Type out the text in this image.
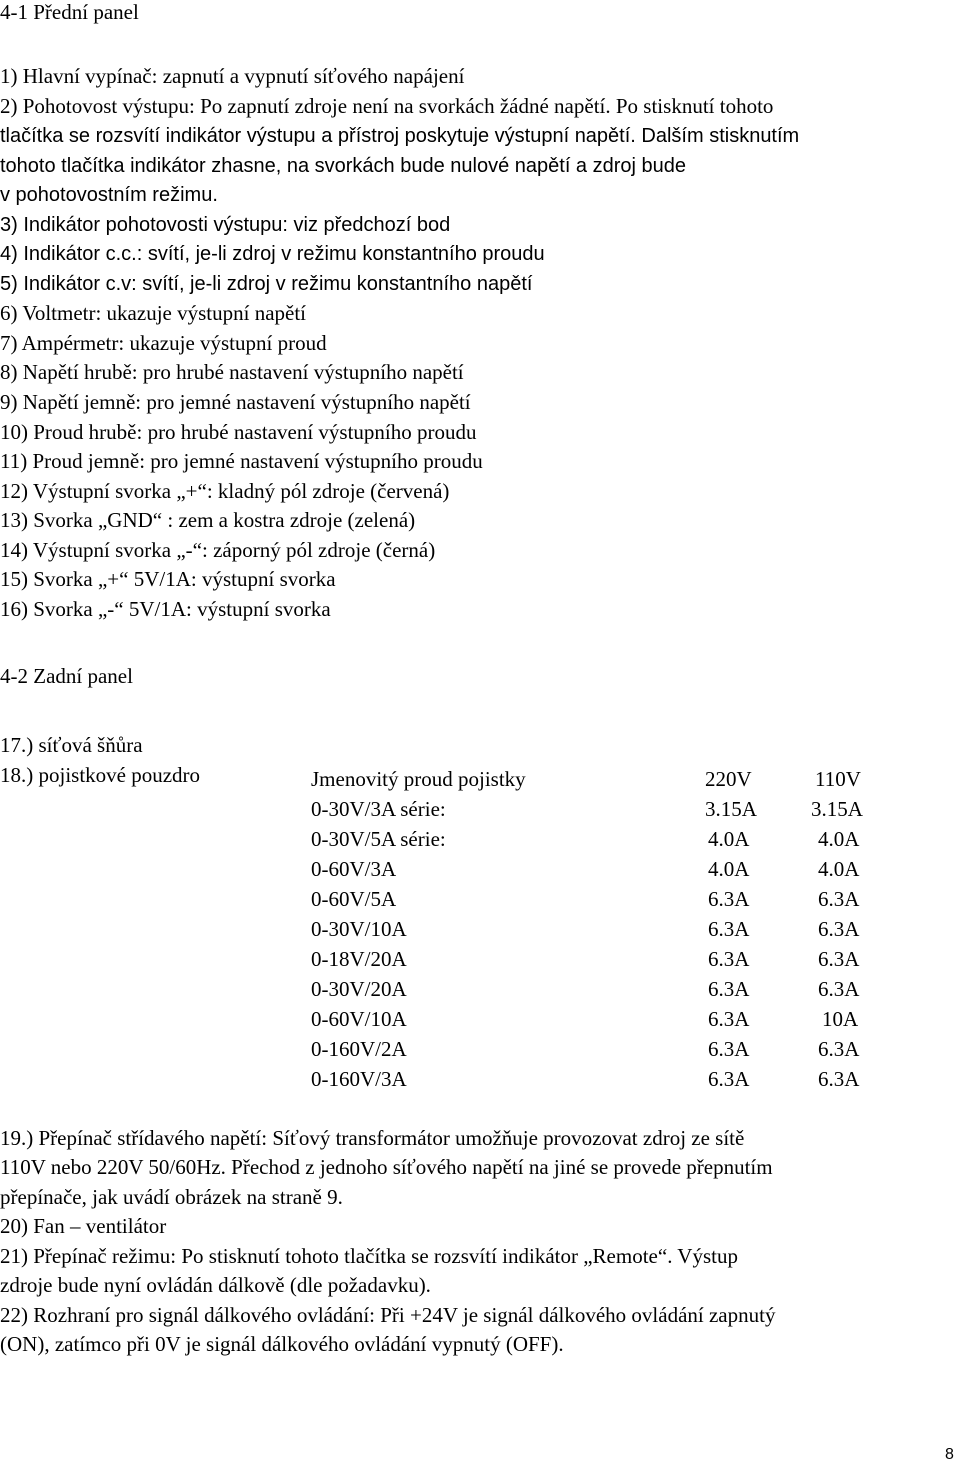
4-1 Přední panel
1) Hlavní vypínač: zapnutí a vypnutí síťového napájení
2) Pohotovost výstupu: Po zapnutí zdroje není na svorkách žádné napětí. Po stisknutí tohoto
tlačítka se rozsvítí indikátor výstupu a přístroj poskytuje výstupní napětí. Dalším stisknutím
tohoto tlačítka indikátor zhasne, na svorkách bude nulové napětí a zdroj bude
v pohotovostním režimu.
3) Indikátor pohotovosti výstupu: viz předchozí bod
4) Indikátor c.c.: svítí, je-li zdroj v režimu konstantního proudu
5) Indikátor c.v: svítí, je-li zdroj v režimu konstantního napětí
6) Voltmetr: ukazuje výstupní napětí
7) Ampérmetr: ukazuje výstupní proud
8) Napětí hrubě: pro hrubé nastavení výstupního napětí
9) Napětí jemně: pro jemné nastavení výstupního napětí
10) Proud hrubě: pro hrubé nastavení výstupního proudu
11) Proud jemně: pro jemné nastavení výstupního proudu
12) Výstupní svorka „+“: kladný pól zdroje (červená)
13) Svorka „GND“ : zem a kostra zdroje (zelená)
14) Výstupní svorka „-“: záporný pól zdroje (černá)
15) Svorka „+“ 5V/1A: výstupní svorka
16) Svorka „-“ 5V/1A: výstupní svorka
4-2 Zadní panel
17.) síťová šňůra
18.) pojistkové pouzdro	Jmenovitý proud pojistky	220V	110V
0-30V/3A série:	3.15A	3.15A
0-30V/5A série:	4.0A	4.0A
0-60V/3A	4.0A	4.0A
0-60V/5A	6.3A	6.3A
0-30V/10A	6.3A	6.3A
0-18V/20A	6.3A	6.3A
0-30V/20A	6.3A	6.3A
0-60V/10A	6.3A	10A
0-160V/2A	6.3A	6.3A
0-160V/3A	6.3A	6.3A
19.) Přepínač střídavého napětí: Síťový transformátor umožňuje provozovat zdroj ze sítě
110V nebo 220V 50/60Hz. Přechod z jednoho síťového napětí na jiné se provede přepnutím
přepínače, jak uvádí obrázek na straně 9.
20) Fan – ventilátor
21) Přepínač režimu: Po stisknutí tohoto tlačítka se rozsvítí indikátor „Remote“. Výstup
zdroje bude nyní ovládán dálkově (dle požadavku).
22) Rozhraní pro signál dálkového ovládání: Při +24V je signál dálkového ovládání zapnutý
(ON), zatímco při 0V je signál dálkového ovládání vypnutý (OFF).
8
